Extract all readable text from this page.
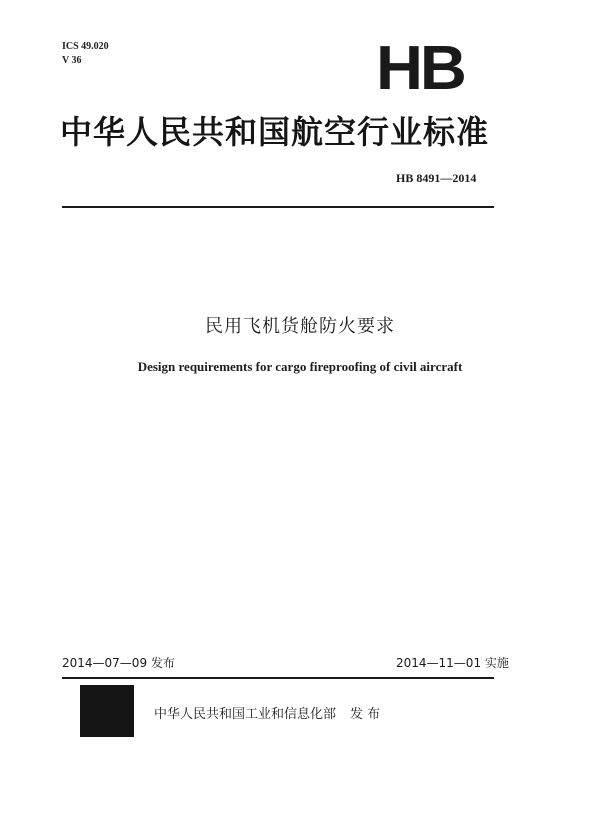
ICS 49.020
V 36	HB
中华人民共和国航空行业标准
HB 8491—2014
民用飞机货舱防火要求
Design requirements for cargo fireproofing of civil aircraft
2014—07—09 发布	2014—11—01 实施
中华人民共和国工业和信息化部 发 布
